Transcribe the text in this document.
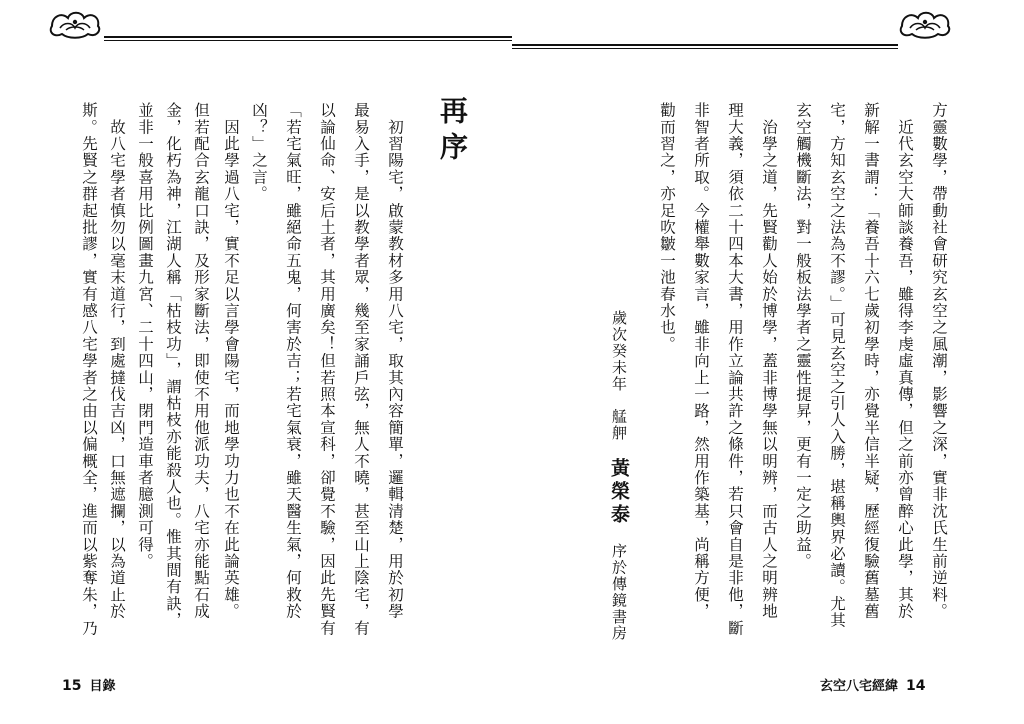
方靈數學，帶動社會研究玄空之風潮，影響之深，實非沈氏生前逆料。
　近代玄空大師談養吾，雖得李虔虛真傳，但之前亦曾醉心此學，其於
新解一書謂：「養吾十六七歲初學時，亦覺半信半疑，歷經復驗舊墓舊
宅，方知玄空之法為不謬。」可見玄空之引人入勝，堪稱輿界必讀。尤其
玄空觸機斷法，對一般板法學者之靈性提昇，更有一定之助益。
　治學之道，先賢勸人始於博學，蓋非博學無以明辨，而古人之明辨地
理大義，須依二十四本大書，用作立論共許之條件，若只會自是非他，斷
非智者所取。今權舉數家言，雖非向上一路，然用作築基，尚稱方便，
勸而習之，亦足吹皺一池春水也。
歲次癸未年　艋舺　黃榮泰　序於傳鏡書房
玄空八宅經緯 14
再序
　初習陽宅，啟蒙教材多用八宅，取其內容簡單，邏輯清楚，用於初學
最易入手，是以教學者眾，幾至家誦戶弦，無人不曉，甚至山上陰宅，有
以論仙命、安后土者，其用廣矣！但若照本宣科，卻覺不驗，因此先賢有
「若宅氣旺，雖絕命五鬼，何害於吉；若宅氣衰，雖天醫生氣，何救於
凶？」之言。
　因此學過八宅，實不足以言學會陽宅，而地學功力也不在此論英雄。
但若配合玄龍口訣，及形家斷法，即使不用他派功夫，八宅亦能點石成
金，化朽為神，江湖人稱「枯枝功」，謂枯枝亦能殺人也。惟其間有訣，
並非一般喜用比例圖畫九宮、二十四山，閉門造車者臆測可得。
　故八宅學者慎勿以毫末道行，到處撻伐吉凶，口無遮攔，以為道止於
斯。先賢之群起批謬，實有感八宅學者之由以偏概全，進而以紫奪朱，乃
15 目錄
